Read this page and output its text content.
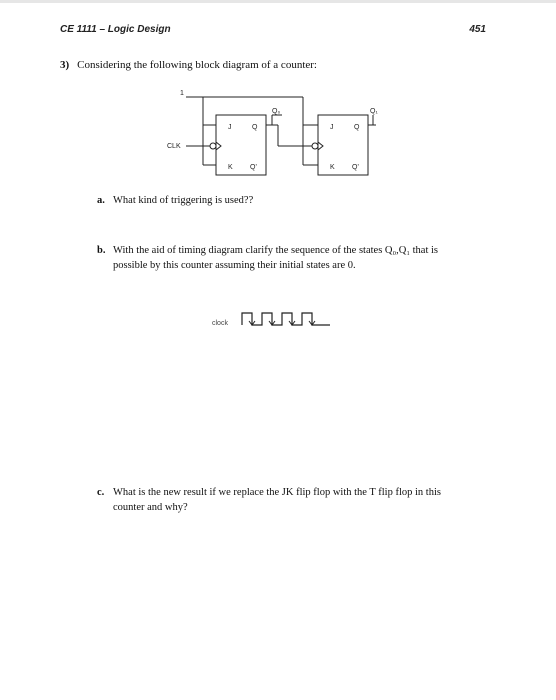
CE 1111 – Logic Design	451
3) Considering the following block diagram of a counter:
1
CLK
J	Q
K Q'
Q₀
J	Q
K Q'
Q₁
a. What kind of triggering is used??
b. With the aid of timing diagram clarify the sequence of the states Q₀,Q₁ that is
possible by this counter assuming their initial states are 0.
clock
c. What is the new result if we replace the JK flip flop with the T flip flop in this
counter and why?
